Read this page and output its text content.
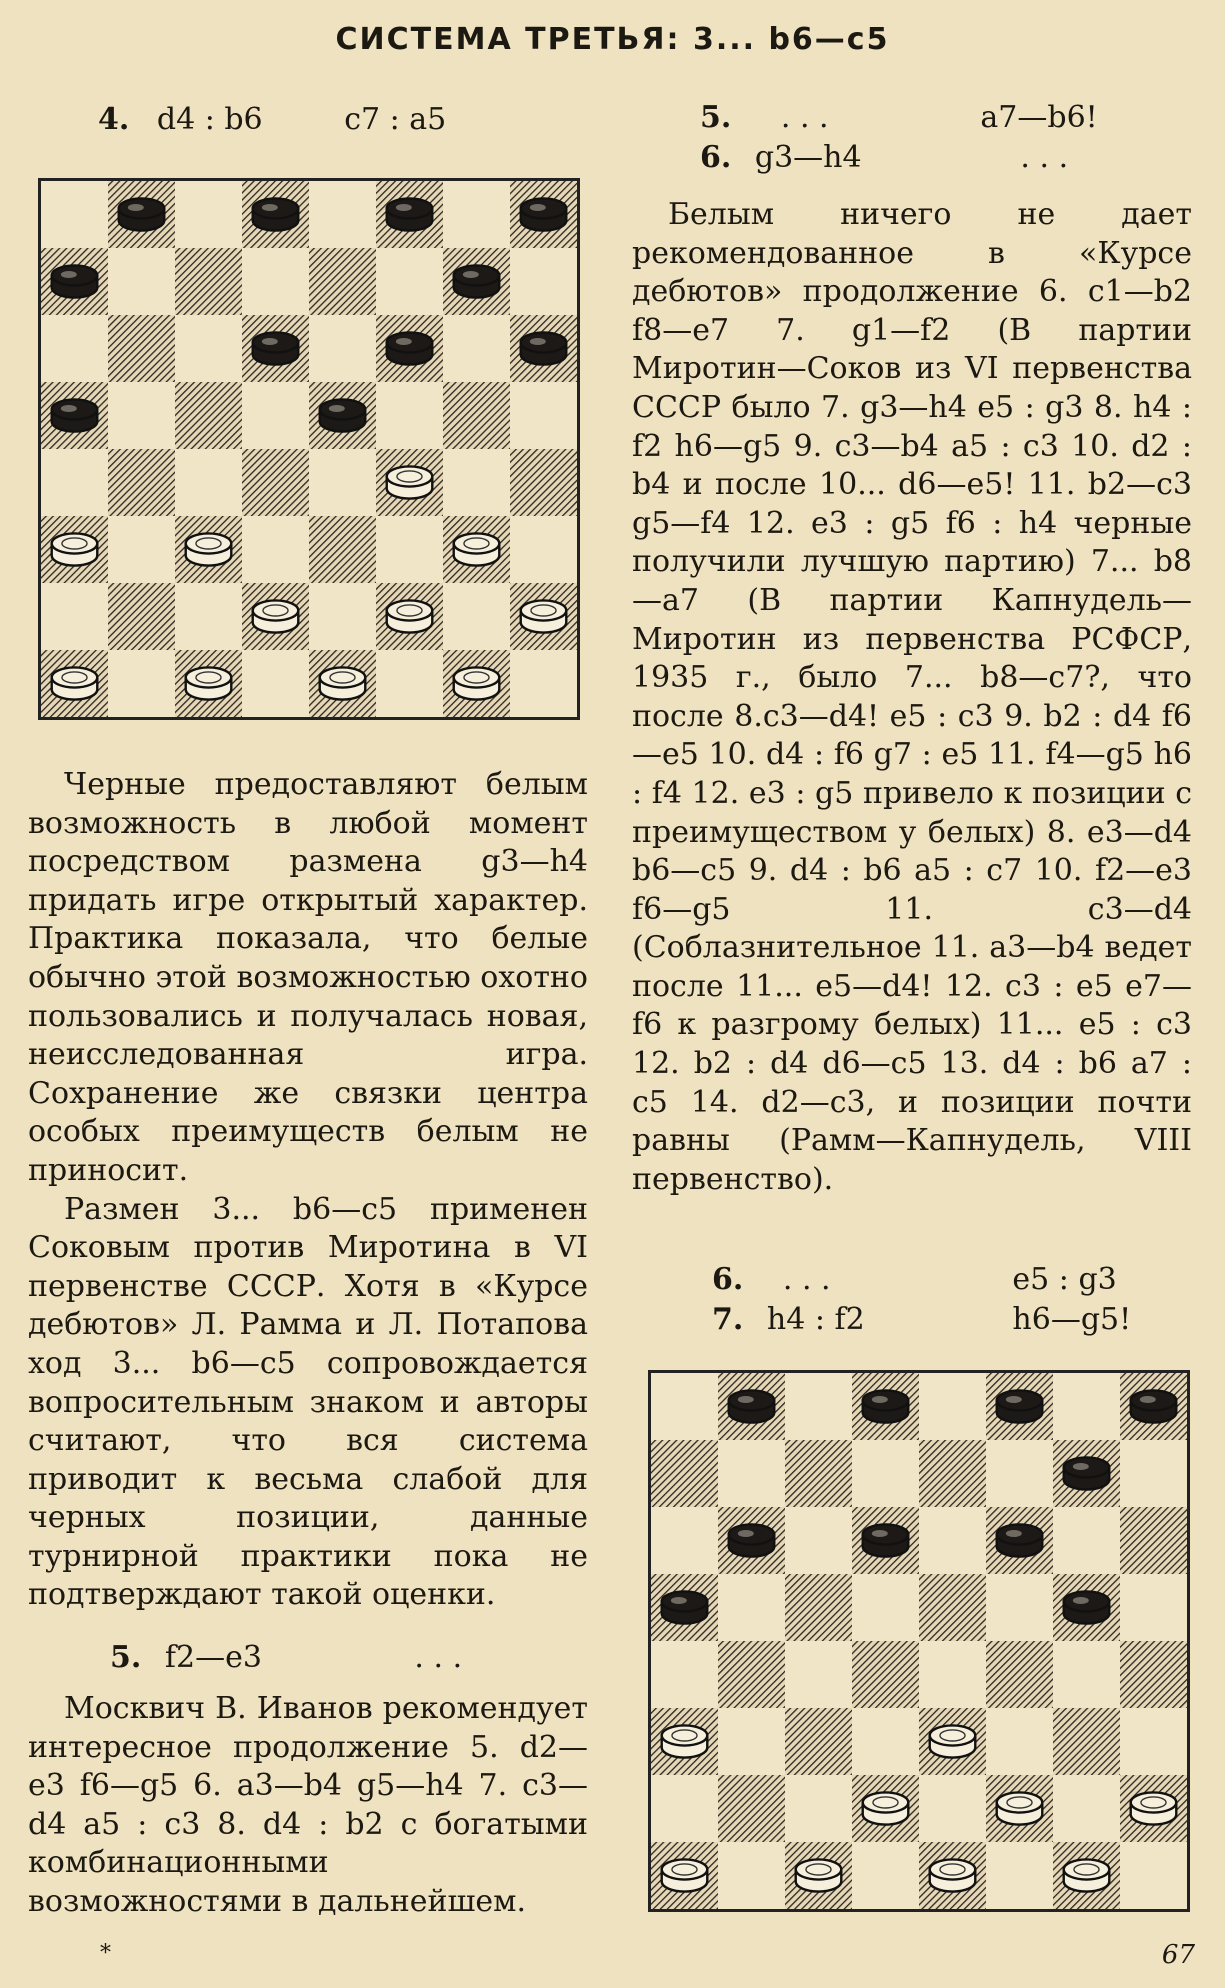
СИСТЕМА ТРЕТЬЯ: 3... b6—c5
4. d4 : b6	c7 : a5	5. . . .	a7—b6!
6. g3—h4	. . .

Белым ничего не дает рекомендованное в «Курсе дебютов» продолжение 6. c1—b2 f8—e7 7. g1—f2 (В партии Миротин—Соков из VI первенства СССР было 7. g3—h4 e5 : g3 8. h4 : f2 h6—g5 9. c3—b4 a5 : c3 10. d2 : b4 и после 10... d6—e5! 11. b2—c3 g5—f4 12. e3 : g5 f6 : h4 черные получили лучшую партию) 7... b8—a7 (В партии Капнудель—Миротин из первенства РСФСР, 1935 г., было 7... b8—c7?, что после 8.c3—d4! e5 : c3 9. b2 : d4 f6—e5 10. d4 : f6 g7 : e5 11. f4—g5 h6 : f4 12. e3 : g5 привело к позиции с преимуществом у белых) 8. e3—d4 b6—c5 9. d4 : b6 a5 : c7 10. f2—e3 f6—g5 11. c3—d4 (Соблазнительное 11. a3—b4 ведет после 11... e5—d4! 12. c3 : e5 e7—f6 к разгрому белых) 11... e5 : c3 12. b2 : d4 d6—c5 13. d4 : b6 a7 : c5 14. d2—c3, и позиции почти равны (Рамм—Капнудель, VIII первенство).

6. . . .	e5 : g3
7. h4 : f2	h6—g5!

Черные предоставляют белым возможность в любой момент посредством размена g3—h4 придать игре открытый характер. Практика показала, что белые обычно этой возможностью охотно пользовались и получалась новая, неисследованная игра. Сохранение же связки центра особых преимуществ белым не приносит.

Размен 3... b6—c5 применен Соковым против Миротина в VI первенстве СССР. Хотя в «Курсе дебютов» Л. Рамма и Л. Потапова ход 3... b6—c5 сопровождается вопросительным знаком и авторы считают, что вся система приводит к весьма слабой для черных позиции, данные турнирной практики пока не подтверждают такой оценки.

5. f2—e3	. . .

Москвич В. Иванов рекомендует интересное продолжение 5. d2—e3 f6—g5 6. a3—b4 g5—h4 7. c3—d4 a5 : c3 8. d4 : b2 с богатыми комбинационными возможностями в дальнейшем.

*	67
